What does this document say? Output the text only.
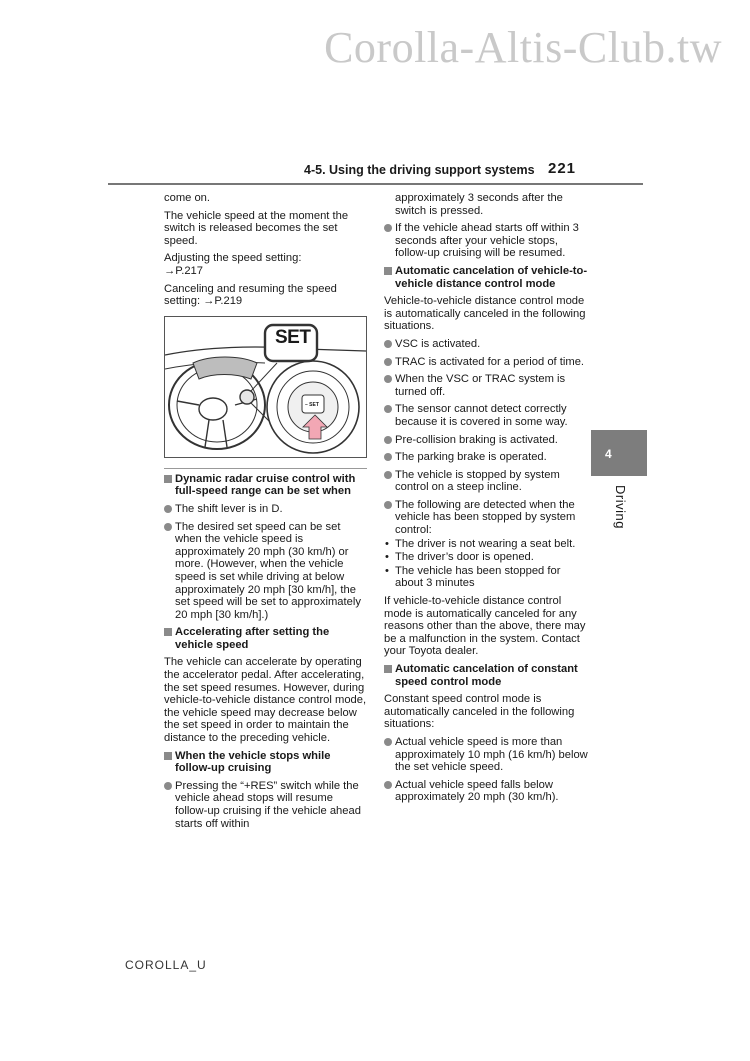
Corolla-Altis-Club.tw
4-5. Using the driving support systems 221

come on.

The vehicle speed at the moment the switch is released becomes the set speed.

Adjusting the speed setting:
→P.217

Canceling and resuming the speed setting: →P.219

SET
– SET
Dynamic radar cruise control with full-speed range can be set when
The shift lever is in D.
The desired set speed can be set when the vehicle speed is approximately 20 mph (30 km/h) or more. (However, when the vehicle speed is set while driving at below approximately 20 mph [30 km/h], the set speed will be set to approximately 20 mph [30 km/h].)
Accelerating after setting the vehicle speed

The vehicle can accelerate by operating the accelerator pedal. After accelerating, the set speed resumes. However, during vehicle-to-vehicle distance control mode, the vehicle speed may decrease below the set speed in order to maintain the distance to the preceding vehicle.

When the vehicle stops while follow-up cruising
Pressing the “+RES” switch while the vehicle ahead stops will resume follow-up cruising if the vehicle ahead starts off within

approximately 3 seconds after the switch is pressed.

If the vehicle ahead starts off within 3 seconds after your vehicle stops, follow-up cruising will be resumed.
Automatic cancelation of vehicle-to-vehicle distance control mode

Vehicle-to-vehicle distance control mode is automatically canceled in the following situations.

VSC is activated.
TRAC is activated for a period of time.
When the VSC or TRAC system is turned off.
The sensor cannot detect correctly because it is covered in some way.
Pre-collision braking is activated.
The parking brake is operated.
The vehicle is stopped by system control on a steep incline.
The following are detected when the vehicle has been stopped by system control:
• The driver is not wearing a seat belt.
• The driver’s door is opened.
• The vehicle has been stopped for about 3 minutes

If vehicle-to-vehicle distance control mode is automatically canceled for any reasons other than the above, there may be a malfunction in the system. Contact your Toyota dealer.

Automatic cancelation of constant speed control mode

Constant speed control mode is automatically canceled in the following situations:

Actual vehicle speed is more than approximately 10 mph (16 km/h) below the set vehicle speed.
Actual vehicle speed falls below approximately 20 mph (30 km/h).
4
Driving
COROLLA_U
